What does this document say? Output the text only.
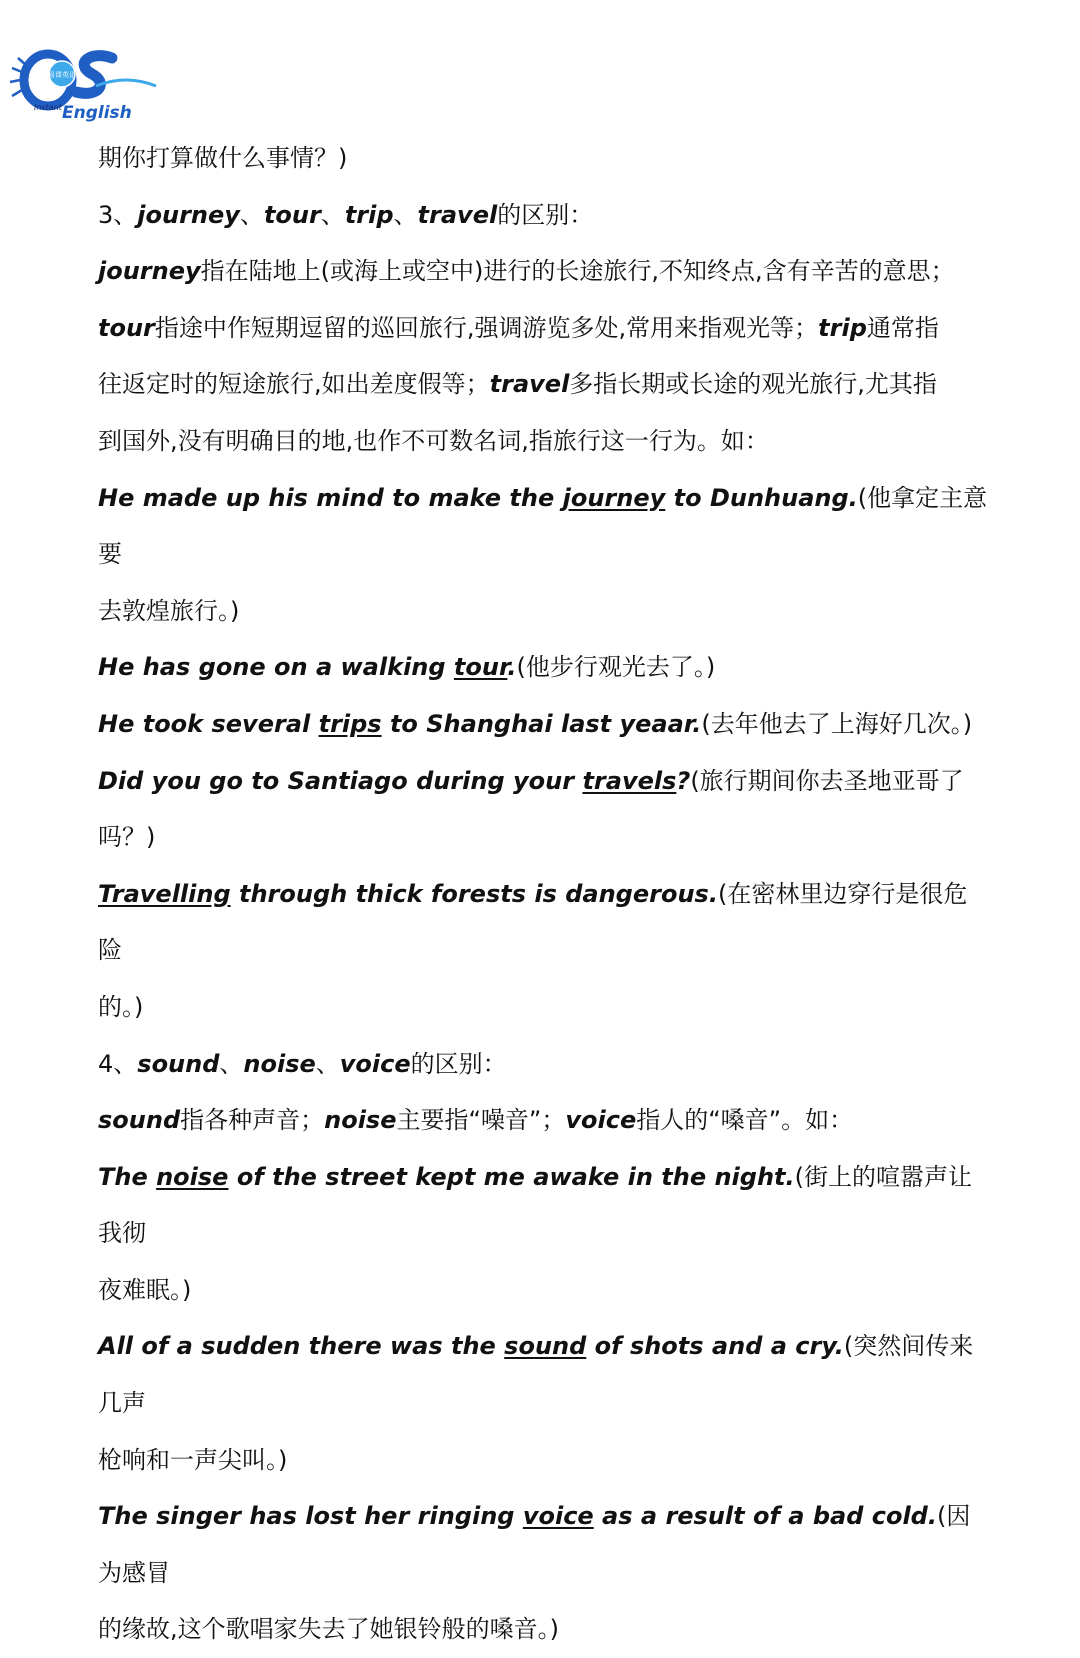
易课英语
Instant English

期你打算做什么事情？)

3、journey、tour、trip、travel的区别：

journey指在陆地上(或海上或空中)进行的长途旅行,不知终点,含有辛苦的意思；

tour指途中作短期逗留的巡回旅行,强调游览多处,常用来指观光等；trip通常指

往返定时的短途旅行,如出差度假等；travel多指长期或长途的观光旅行,尤其指

到国外,没有明确目的地,也作不可数名词,指旅行这一行为。如：

He made up his mind to make the journey to Dunhuang.(他拿定主意要

去敦煌旅行。)

He has gone on a walking tour.(他步行观光去了。)

He took several trips to Shanghai last yeaar.(去年他去了上海好几次。)

Did you go to Santiago during your travels?(旅行期间你去圣地亚哥了

吗？)

Travelling through thick forests is dangerous.(在密林里边穿行是很危险

的。)

4、sound、noise、voice的区别：

sound指各种声音；noise主要指“噪音”；voice指人的“嗓音”。如：

The noise of the street kept me awake in the night.(街上的喧嚣声让我彻

夜难眠。)

All of a sudden there was the sound of shots and a cry.(突然间传来几声

枪响和一声尖叫。)

The singer has lost her ringing voice as a result of a bad cold.(因为感冒

的缘故,这个歌唱家失去了她银铃般的嗓音。)
